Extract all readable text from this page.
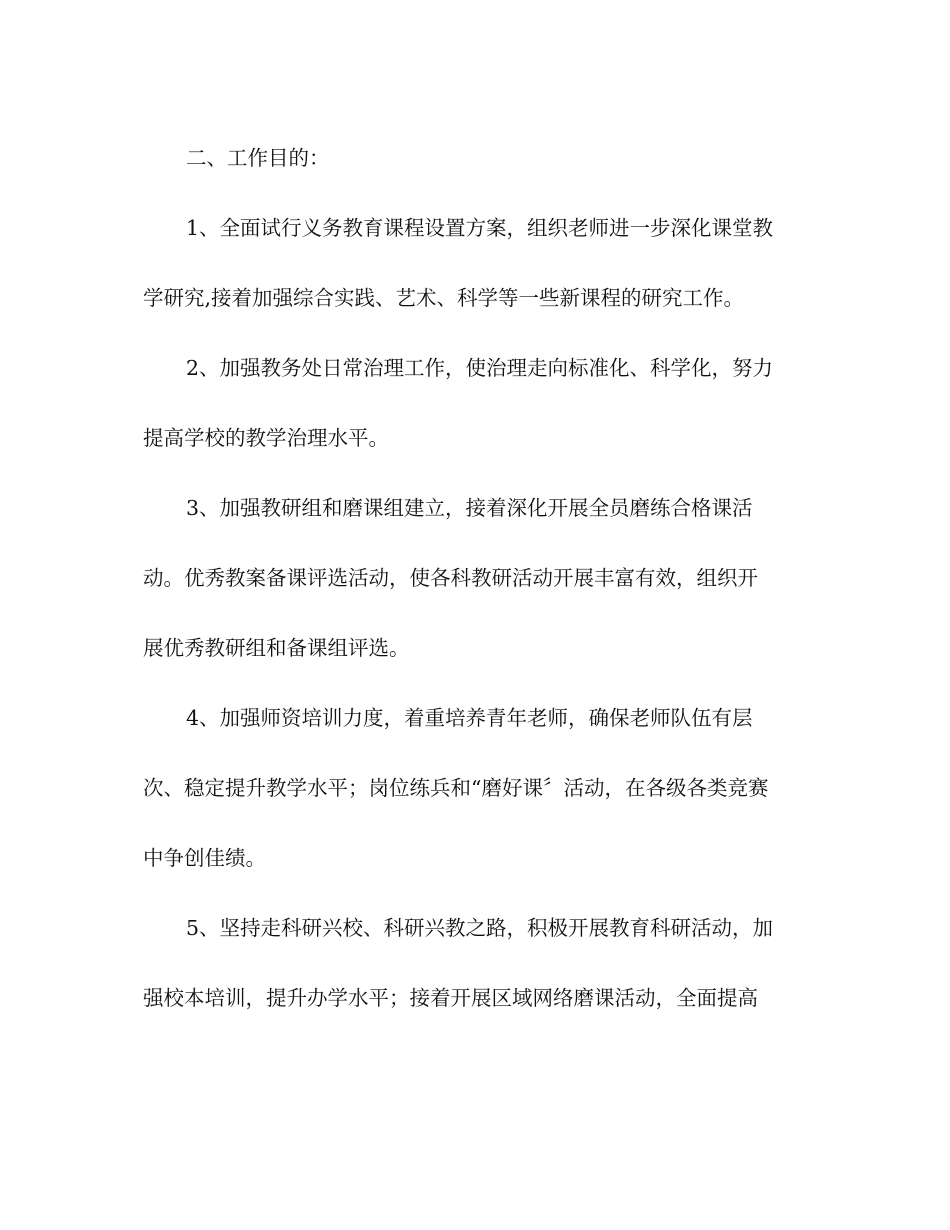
二、工作目的：
1、全面试行义务教育课程设置方案，组织老师进一步深化课堂教
学研究,接着加强综合实践、艺术、科学等一些新课程的研究工作。
2、加强教务处日常治理工作，使治理走向标准化、科学化，努力
提高学校的教学治理水平。
3、加强教研组和磨课组建立，接着深化开展全员磨练合格课活
动。优秀教案备课评选活动，使各科教研活动开展丰富有效，组织开
展优秀教研组和备课组评选。
4、加强师资培训力度，着重培养青年老师，确保老师队伍有层
次、稳定提升教学水平；岗位练兵和“磨好课〞活动，在各级各类竞赛
中争创佳绩。
5、坚持走科研兴校、科研兴教之路，积极开展教育科研活动，加
强校本培训，提升办学水平；接着开展区域网络磨课活动，全面提高
